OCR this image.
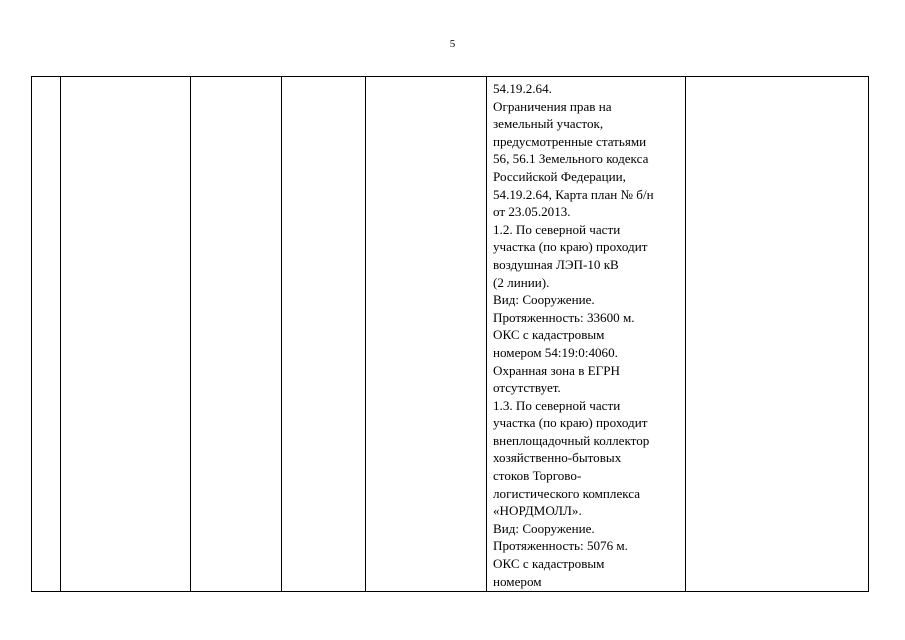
5

54.19.2.64.
Ограничения прав на
земельный участок,
предусмотренные статьями
56, 56.1 Земельного кодекса
Российской Федерации,
54.19.2.64, Карта план № б/н
от 23.05.2013.
1.2. По северной части
участка (по краю) проходит
воздушная ЛЭП-10 кВ
(2 линии).
Вид: Сооружение.
Протяженность: 33600 м.
ОКС с кадастровым
номером 54:19:0:4060.
Охранная зона в ЕГРН
отсутствует.
1.3. По северной части
участка (по краю) проходит
внеплощадочный коллектор
хозяйственно-бытовых
стоков Торгово-
логистического комплекса
«НОРДМОЛЛ».
Вид: Сооружение.
Протяженность: 5076 м.
ОКС с кадастровым
номером
